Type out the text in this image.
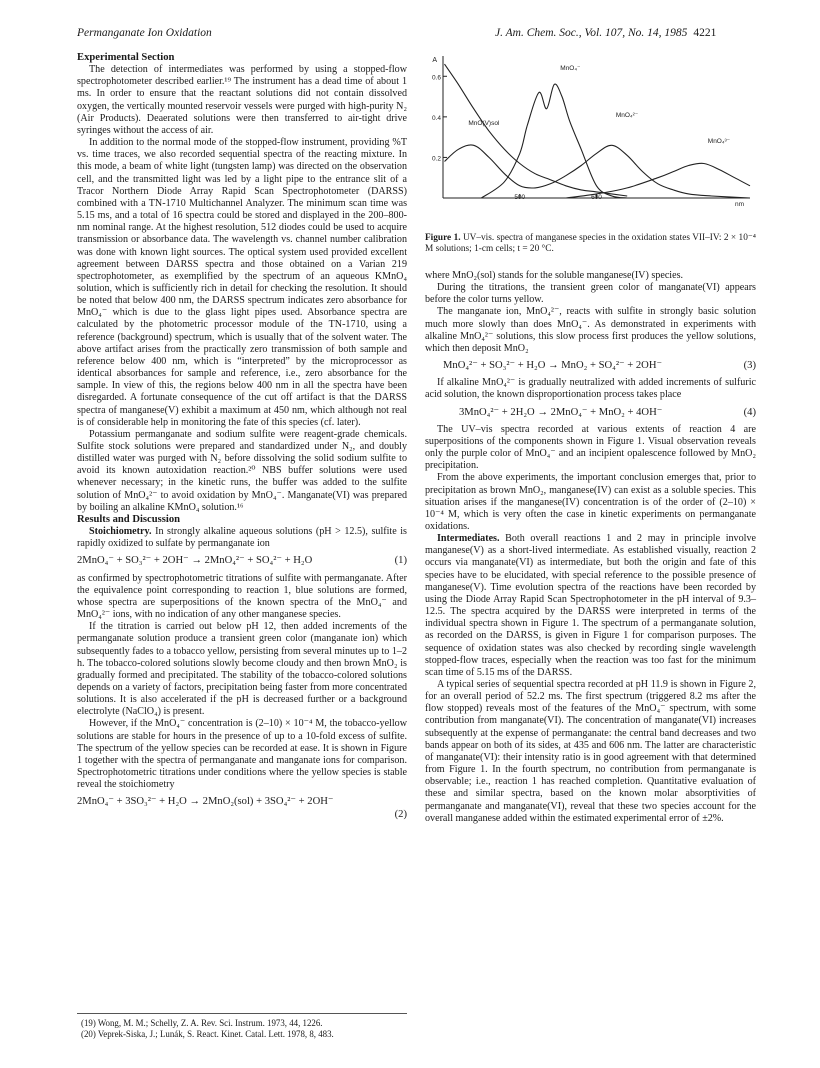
Permanganate Ion Oxidation	J. Am. Chem. Soc., Vol. 107, No. 14, 1985 4221

Experimental Section

The detection of intermediates was performed by using a stopped-flow spectrophotometer described earlier.¹⁹ The instrument has a dead time of about 1 ms. In order to ensure that the reactant solutions did not contain dissolved oxygen, the vertically mounted reservoir vessels were purged with high-purity N₂ (Air Products). Deaerated solutions were then transferred to air-tight drive syringes without the access of air.

In addition to the normal mode of the stopped-flow instrument, providing %T vs. time traces, we also recorded sequential spectra of the reacting mixture. In this mode, a beam of white light (tungsten lamp) was directed on the observation cell, and the transmitted light was led by a light pipe to the entrance slit of a Tracor Northern Diode Array Rapid Scan Spectrophotometer (DARSS) combined with a TN-1710 Multichannel Analyzer. The minimum scan time was 5.15 ms, and a total of 16 spectra could be stored and displayed in the 200–800-nm nominal range. At the highest resolution, 512 diodes could be used to acquire transmission or absorbance data. The wavelength vs. channel number calibration was done with known light sources. The optical system used provided excellent agreement between DARSS spectra and those obtained on a Varian 219 spectrophotometer, as exemplified by the spectrum of an aqueous KMnO₄ solution, which is sufficiently rich in detail for checking the resolution. It should be noted that below 400 nm, the DARSS spectrum indicates zero absorbance for MnO₄⁻ which is due to the glass light pipes used. Absorbance spectra are calculated by the photometric processor module of the TN-1710, using a reference (background) spectrum, which is usually that of the solvent water. The above artifact arises from the practically zero transmission of both sample and reference below 400 nm, which is “interpreted” by the microprocessor as identical absorbances for sample and reference, i.e., zero absorbance for the sample. In view of this, the regions below 400 nm in all the spectra have been disregarded. A fortunate consequence of the cut off artifact is that the DARSS spectra of manganese(V) exhibit a maximum at 450 nm, which although not real is of considerable help in monitoring the fate of this species (cf. later).

Potassium permanganate and sodium sulfite were reagent-grade chemicals. Sulfite stock solutions were prepared and standardized under N₂, and doubly distilled water was purged with N₂ before dissolving the solid sodium sulfite to avoid its known autoxidation reaction.²⁰ NBS buffer solutions were used whenever necessary; in the kinetic runs, the buffer was added to the sulfite solution of MnO₄²⁻ to avoid oxidation by MnO₄⁻. Manganate(VI) was prepared by boiling an alkaline KMnO₄ solution.¹⁶

Results and Discussion

Stoichiometry. In strongly alkaline aqueous solutions (pH > 12.5), sulfite is rapidly oxidized to sulfate by permanganate ion

2MnO₄⁻ + SO₃²⁻ + 2OH⁻ → 2MnO₄²⁻ + SO₄²⁻ + H₂O	(1)

as confirmed by spectrophotometric titrations of sulfite with permanganate. After the equivalence point corresponding to reaction 1, blue solutions are formed, whose spectra are superpositions of the known spectra of the MnO₄⁻ and MnO₄²⁻ ions, with no indication of any other manganese species.

If the titration is carried out below pH 12, then added increments of the permanganate solution produce a transient green color (manganate ion) which subsequently fades to a tobacco yellow, persisting from several minutes up to 1–2 h. The tobacco-colored solutions slowly become cloudy and then brown MnO₂ is gradually formed and precipitated. The stability of the tobacco-colored solutions depends on a variety of factors, precipitation being faster from more concentrated solutions. It is also accelerated if the pH is decreased further or a background electrolyte (NaClO₄) is present.

However, if the MnO₄⁻ concentration is (2–10) × 10⁻⁴ M, the tobacco-yellow solutions are stable for hours in the presence of up to a 10-fold excess of sulfite. The spectrum of the yellow species can be recorded at ease. It is shown in Figure 1 together with the spectra of permanganate and manganate ions for comparison. Spectrophotometric titrations under conditions where the yellow species is stable reveal the stoichiometry

2MnO₄⁻ + 3SO₃²⁻ + H₂O → 2MnO₂(sol) + 3SO₄²⁻ + 2OH⁻
(2)
(19) Wong, M. M.; Schelly, Z. A. Rev. Sci. Instrum. 1973, 44, 1226.
(20) Veprek-Siska, J.; Lunák, S. React. Kinet. Catal. Lett. 1978, 8, 483.
0.6
0.4
0.2
A
500	600
nm
MnO(V)sol
MnO₄⁻
MnO₄²⁻
MnO₄³⁻
Figure 1. UV–vis. spectra of manganese species in the oxidation states VII–IV: 2 × 10⁻⁴ M solutions; 1-cm cells; t = 20 °C.

where MnO₂(sol) stands for the soluble manganese(IV) species.

During the titrations, the transient green color of manganate(VI) appears before the color turns yellow.

The manganate ion, MnO₄²⁻, reacts with sulfite in strongly basic solution much more slowly than does MnO₄⁻. As demonstrated in experiments with alkaline MnO₄²⁻ solutions, this slow process first produces the yellow solutions, which then deposit MnO₂

MnO₄²⁻ + SO₃²⁻ + H₂O → MnO₂ + SO₄²⁻ + 2OH⁻	(3)

If alkaline MnO₄²⁻ is gradually neutralized with added increments of sulfuric acid solution, the known disproportionation process takes place

3MnO₄²⁻ + 2H₂O → 2MnO₄⁻ + MnO₂ + 4OH⁻	(4)

The UV–vis spectra recorded at various extents of reaction 4 are superpositions of the components shown in Figure 1. Visual observation reveals only the purple color of MnO₄⁻ and an incipient opalescence followed by MnO₂ precipitation.

From the above experiments, the important conclusion emerges that, prior to precipitation as brown MnO₂, manganese(IV) can exist as a soluble species. This situation arises if the manganese(IV) concentration is of the order of (2–10) × 10⁻⁴ M, which is very often the case in kinetic experiments on permanganate oxidations.

Intermediates. Both overall reactions 1 and 2 may in principle involve manganese(V) as a short-lived intermediate. As established visually, reaction 2 occurs via manganate(VI) as intermediate, but both the origin and fate of this species have to be elucidated, with special reference to the possible presence of manganese(V). Time evolution spectra of the reactions have been recorded by using the Diode Array Rapid Scan Spectrophotometer in the pH interval of 9.3–12.5. The spectra acquired by the DARSS were interpreted in terms of the individual spectra shown in Figure 1. The spectrum of a permanganate solution, as recorded on the DARSS, is given in Figure 1 for comparison purposes. The sequence of oxidation states was also checked by recording single wavelength stopped-flow traces, especially when the reaction was too fast for the minimum scan time of 5.15 ms of the DARSS.

A typical series of sequential spectra recorded at pH 11.9 is shown in Figure 2, for an overall period of 52.2 ms. The first spectrum (triggered 8.2 ms after the flow stopped) reveals most of the features of the MnO₄⁻ spectrum, with some contribution from manganate(VI). The concentration of manganate(VI) increases subsequently at the expense of permanganate: the central band decreases and two bands appear on both of its sides, at 435 and 606 nm. The latter are characteristic of manganate(VI): their intensity ratio is in good agreement with that determined from Figure 1. In the fourth spectrum, no contribution from permanganate is observable; i.e., reaction 1 has reached completion. Quantitative evaluation of these and similar spectra, based on the known molar absorptivities of permanganate and manganate(VI), reveal that these two species account for the overall manganese added within the estimated experimental error of ±2%.
